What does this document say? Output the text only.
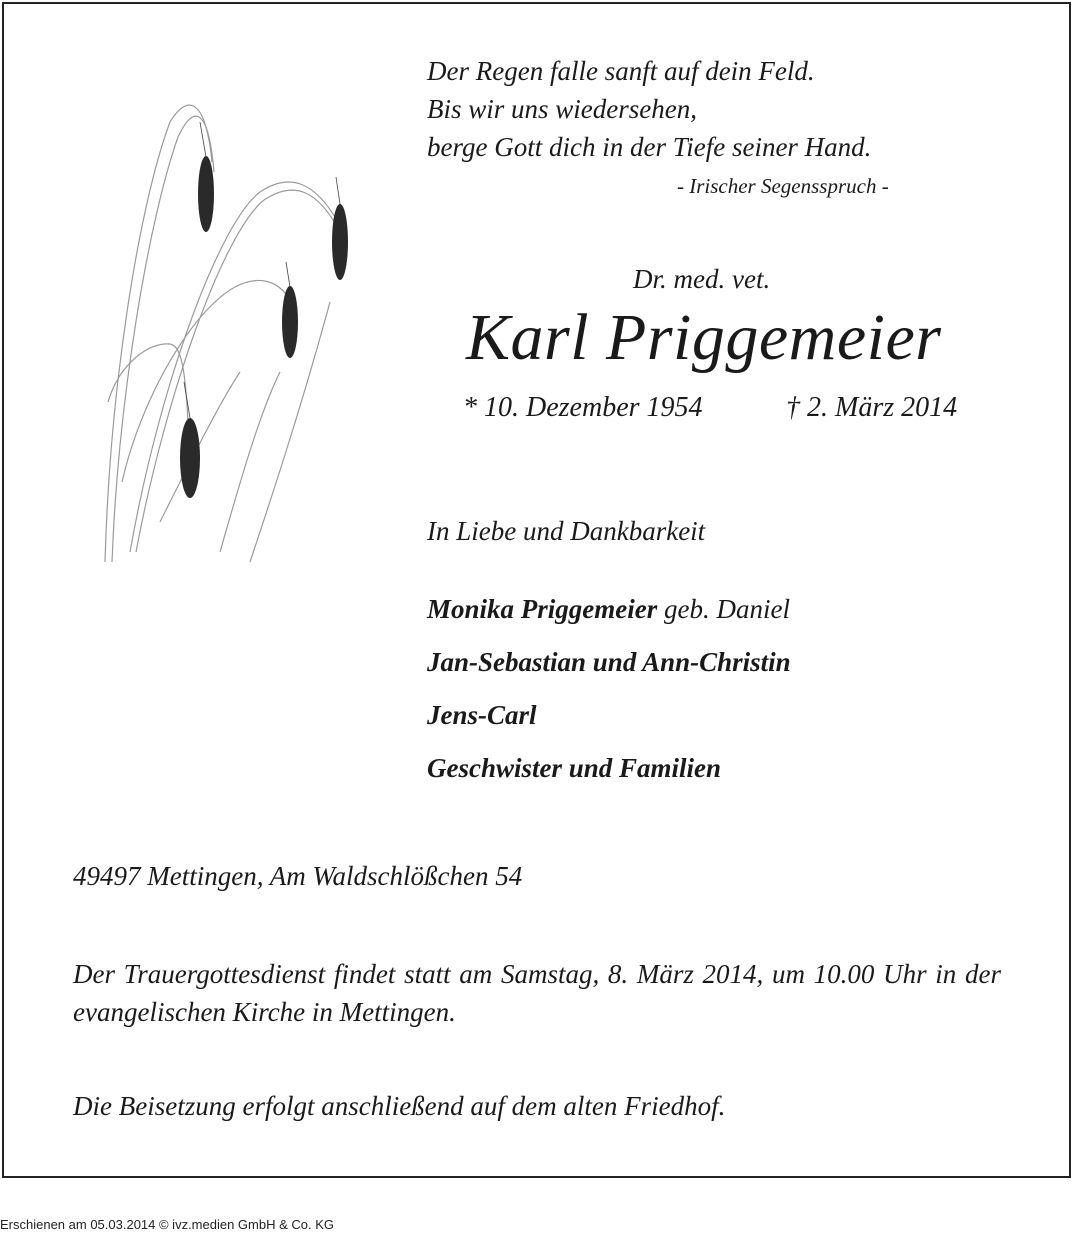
Der Regen falle sanft auf dein Feld.
Bis wir uns wiedersehen,
berge Gott dich in der Tiefe seiner Hand.
- Irischer Segensspruch -
Dr. med. vet.
Karl Priggemeier
* 10. Dezember 1954	† 2. März 2014
In Liebe und Dankbarkeit
Monika Priggemeier geb. Daniel
Jan-Sebastian und Ann-Christin
Jens-Carl
Geschwister und Familien
49497 Mettingen, Am Waldschlößchen 54
Der Trauergottesdienst findet statt am Samstag, 8. März 2014, um 10.00 Uhr in der evangelischen Kirche in Mettingen.
Die Beisetzung erfolgt anschließend auf dem alten Friedhof.
Erschienen am 05.03.2014 © ivz.medien GmbH & Co. KG
